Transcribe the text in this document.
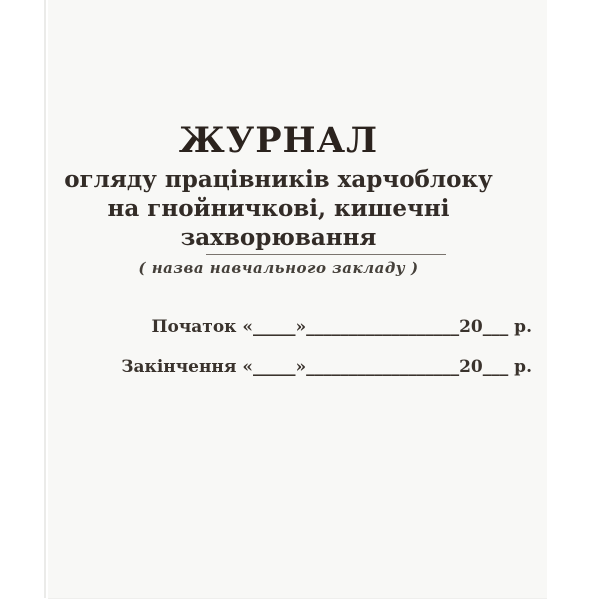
ЖУРНАЛ
огляду працівників харчоблоку
на гнойничкові, кишечні захворювання
( назва навчального закладу )
Початок «_____»__________________20___ р.
Закінчення «_____»__________________20___ р.
